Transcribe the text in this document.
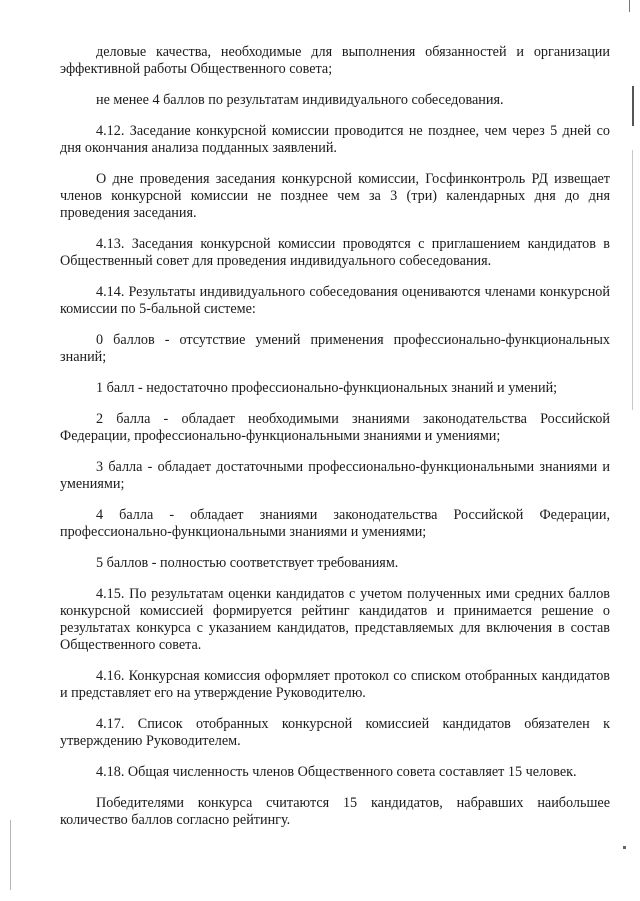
деловые качества, необходимые для выполнения обязанностей и организации эффективной работы Общественного совета;

не менее 4 баллов по результатам индивидуального собеседования.

4.12. Заседание конкурсной комиссии проводится не позднее, чем через 5 дней со дня окончания анализа подданных заявлений.

О дне проведения заседания конкурсной комиссии, Госфинконтроль РД извещает членов конкурсной комиссии не позднее чем за 3 (три) календарных дня до дня проведения заседания.

4.13. Заседания конкурсной комиссии проводятся с приглашением кандидатов в Общественный совет для проведения индивидуального собеседования.

4.14. Результаты индивидуального собеседования оцениваются членами конкурсной комиссии по 5-бальной системе:

0 баллов - отсутствие умений применения профессионально-функциональных знаний;

1 балл - недостаточно профессионально-функциональных знаний и умений;

2 балла - обладает необходимыми знаниями законодательства Российской Федерации, профессионально-функциональными знаниями и умениями;

3 балла - обладает достаточными профессионально-функциональными знаниями и умениями;

4 балла - обладает знаниями законодательства Российской Федерации, профессионально-функциональными знаниями и умениями;

5 баллов - полностью соответствует требованиям.

4.15. По результатам оценки кандидатов с учетом полученных ими средних баллов конкурсной комиссией формируется рейтинг кандидатов и принимается решение о результатах конкурса с указанием кандидатов, представляемых для включения в состав Общественного совета.

4.16. Конкурсная комиссия оформляет протокол со списком отобранных кандидатов и представляет его на утверждение Руководителю.

4.17. Список отобранных конкурсной комиссией кандидатов обязателен к утверждению Руководителем.

4.18. Общая численность членов Общественного совета составляет 15 человек.

Победителями конкурса считаются 15 кандидатов, набравших наибольшее количество баллов согласно рейтингу.
